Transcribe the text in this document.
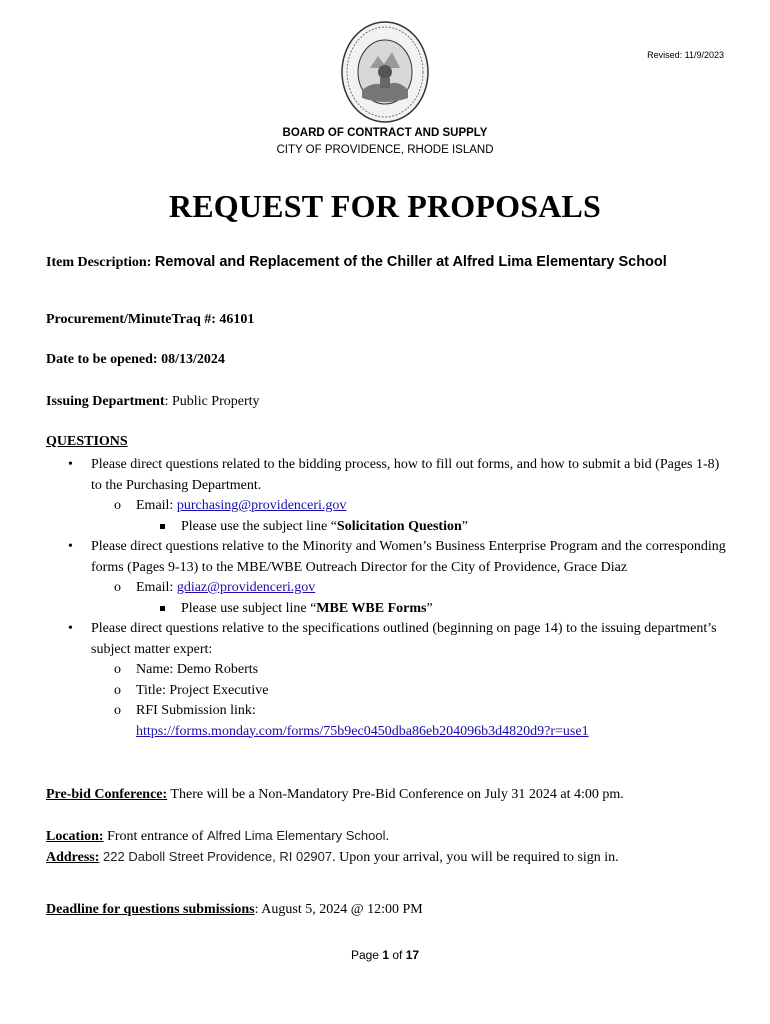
Revised: 11/9/2023
BOARD OF CONTRACT AND SUPPLY
CITY OF PROVIDENCE, RHODE ISLAND
REQUEST FOR PROPOSALS
Item Description: Removal and Replacement of the Chiller at Alfred Lima Elementary School
Procurement/MinuteTraq #: 46101
Date to be opened: 08/13/2024
Issuing Department: Public Property
QUESTIONS
• Please direct questions related to the bidding process, how to fill out forms, and how to submit a bid (Pages 1-8) to the Purchasing Department.
o Email: purchasing@providenceri.gov
Please use the subject line “Solicitation Question”
• Please direct questions relative to the Minority and Women’s Business Enterprise Program and the corresponding forms (Pages 9-13) to the MBE/WBE Outreach Director for the City of Providence, Grace Diaz
o Email: gdiaz@providenceri.gov
Please use subject line “MBE WBE Forms”
• Please direct questions relative to the specifications outlined (beginning on page 14) to the issuing department’s subject matter expert:
o Name: Demo Roberts
o Title: Project Executive
o RFI Submission link:
https://forms.monday.com/forms/75b9ec0450dba86eb204096b3d4820d9?r=use1
Pre-bid Conference: There will be a Non-Mandatory Pre-Bid Conference on July 31 2024 at 4:00 pm.
Location: Front entrance of Alfred Lima Elementary School.
Address: 222 Daboll Street Providence, RI 02907. Upon your arrival, you will be required to sign in.
Deadline for questions submissions: August 5, 2024 @ 12:00 PM
Page 1 of 17
